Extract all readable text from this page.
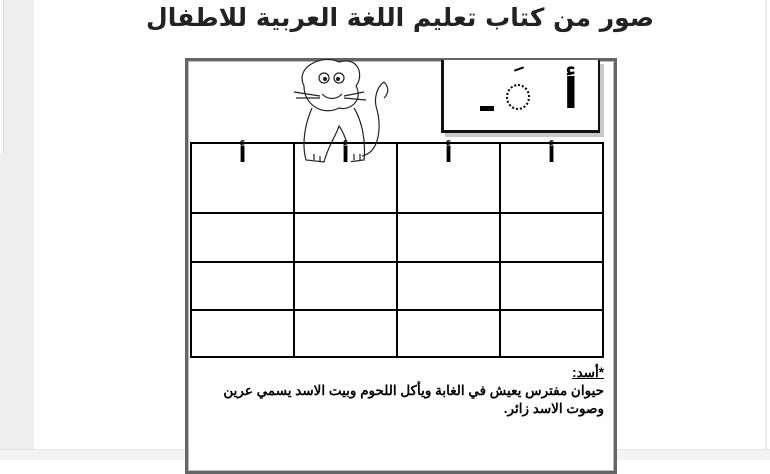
صور من كتاب تعليم اللغة العربية للاطفال
أ
أ	أ	أ	أ

*أسد:
حيوان مفترس يعيش في الغابة ويأكل اللحوم وبيت الاسد يسمي عرين وصوت الاسد زائر.
